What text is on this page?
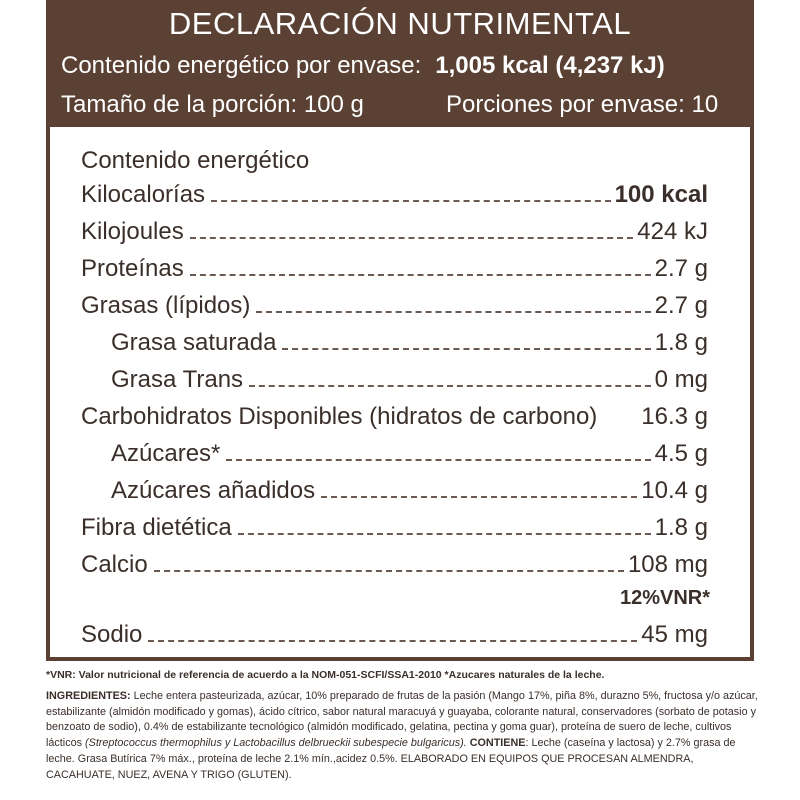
DECLARACIÓN NUTRIMENTAL
Contenido energético por envase: 1,005 kcal (4,237 kJ)
Tamaño de la porción: 100 g	Porciones por envase: 10
Contenido energético
Kilocalorías	100 kcal
Kilojoules	424 kJ
Proteínas	2.7 g
Grasas (lípidos)	2.7 g
Grasa saturada	1.8 g
Grasa Trans	0 mg
Carbohidratos Disponibles (hidratos de carbono) 16.3 g
Azúcares*	4.5 g
Azúcares añadidos	10.4 g
Fibra dietética	1.8 g
Calcio	108 mg
12%VNR*
Sodio	45 mg
*VNR: Valor nutricional de referencia de acuerdo a la NOM-051-SCFI/SSA1-2010 *Azucares naturales de la leche.
INGREDIENTES: Leche entera pasteurizada, azúcar, 10% preparado de frutas de la pasión (Mango 17%, piña 8%, durazno 5%, fructosa y/o azúcar, estabilizante (almidón modificado y gomas), ácido cítrico, sabor natural maracuyá y guayaba, colorante natural, conservadores (sorbato de potasio y benzoato de sodio), 0.4% de estabilizante tecnológico (almidón modificado, gelatina, pectina y goma guar), proteína de suero de leche, cultivos lácticos (Streptococcus thermophilus y Lactobacillus delbrueckii subespecie bulgaricus). CONTIENE: Leche (caseína y lactosa) y 2.7% grasa de leche. Grasa Butírica 7% máx., proteína de leche 2.1% mín.,acidez 0.5%. ELABORADO EN EQUIPOS QUE PROCESAN ALMENDRA, CACAHUATE, NUEZ, AVENA Y TRIGO (GLUTEN).
